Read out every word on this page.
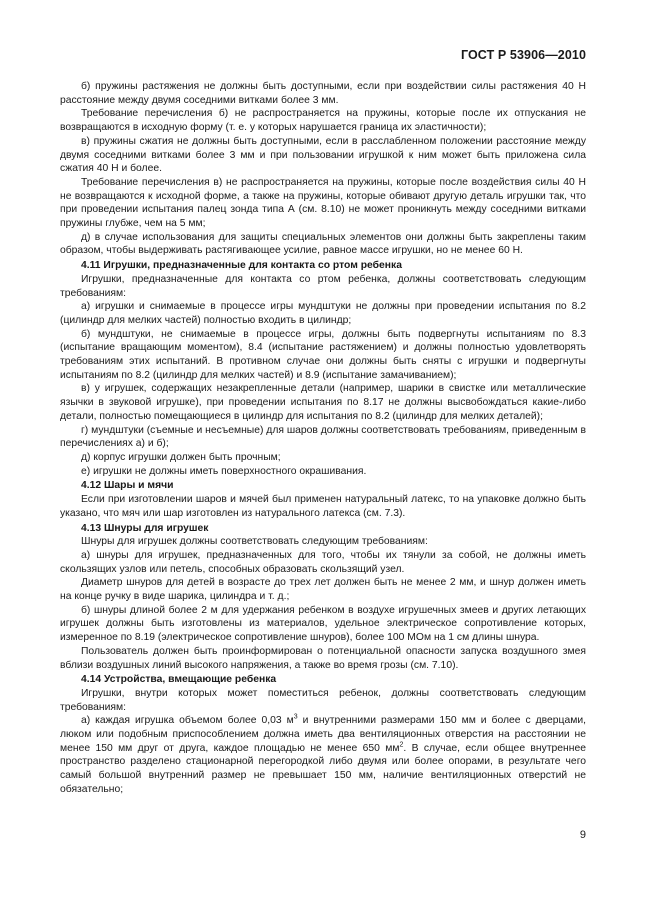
ГОСТ Р 53906—2010

б) пружины растяжения не должны быть доступными, если при воздействии силы растяжения 40 Н расстояние между двумя соседними витками более 3 мм.

Требование перечисления б) не распространяется на пружины, которые после их отпускания не возвращаются в исходную форму (т. е. у которых нарушается граница их эластичности);

в) пружины сжатия не должны быть доступными, если в расслабленном положении расстояние между двумя соседними витками более 3 мм и при пользовании игрушкой к ним может быть приложена сила сжатия 40 Н и более.

Требование перечисления в) не распространяется на пружины, которые после воздействия силы 40 Н не возвращаются к исходной форме, а также на пружины, которые обивают другую деталь игрушки так, что при проведении испытания палец зонда типа А (см. 8.10) не может проникнуть между соседними витками пружины глубже, чем на 5 мм;

д) в случае использования для защиты специальных элементов они должны быть закреплены таким образом, чтобы выдерживать растягивающее усилие, равное массе игрушки, но не менее 60 Н.

4.11 Игрушки, предназначенные для контакта со ртом ребенка

Игрушки, предназначенные для контакта со ртом ребенка, должны соответствовать следующим требованиям:

а) игрушки и снимаемые в процессе игры мундштуки не должны при проведении испытания по 8.2 (цилиндр для мелких частей) полностью входить в цилиндр;

б) мундштуки, не снимаемые в процессе игры, должны быть подвергнуты испытаниям по 8.3 (испытание вращающим моментом), 8.4 (испытание растяжением) и должны полностью удовлетворять требованиям этих испытаний. В противном случае они должны быть сняты с игрушки и подвергнуты испытаниям по 8.2 (цилиндр для мелких частей) и 8.9 (испытание замачиванием);

в) у игрушек, содержащих незакрепленные детали (например, шарики в свистке или металлические язычки в звуковой игрушке), при проведении испытания по 8.17 не должны высвобождаться какие-либо детали, полностью помещающиеся в цилиндр для испытания по 8.2 (цилиндр для мелких деталей);

г) мундштуки (съемные и несъемные) для шаров должны соответствовать требованиям, приведенным в перечислениях а) и б);

д) корпус игрушки должен быть прочным;

е) игрушки не должны иметь поверхностного окрашивания.

4.12 Шары и мячи

Если при изготовлении шаров и мячей был применен натуральный латекс, то на упаковке должно быть указано, что мяч или шар изготовлен из натурального латекса (см. 7.3).

4.13 Шнуры для игрушек

Шнуры для игрушек должны соответствовать следующим требованиям:

а) шнуры для игрушек, предназначенных для того, чтобы их тянули за собой, не должны иметь скользящих узлов или петель, способных образовать скользящий узел.

Диаметр шнуров для детей в возрасте до трех лет должен быть не менее 2 мм, и шнур должен иметь на конце ручку в виде шарика, цилиндра и т. д.;

б) шнуры длиной более 2 м для удержания ребенком в воздухе игрушечных змеев и других летающих игрушек должны быть изготовлены из материалов, удельное электрическое сопротивление которых, измеренное по 8.19 (электрическое сопротивление шнуров), более 100 МОм на 1 см длины шнура.

Пользователь должен быть проинформирован о потенциальной опасности запуска воздушного змея вблизи воздушных линий высокого напряжения, а также во время грозы (см. 7.10).

4.14 Устройства, вмещающие ребенка

Игрушки, внутри которых может поместиться ребенок, должны соответствовать следующим требованиям:

а) каждая игрушка объемом более 0,03 $м^3$ и внутренними размерами 150 мм и более с дверцами, люком или подобным приспособлением должна иметь два вентиляционных отверстия на расстоянии не менее 150 мм друг от друга, каждое площадью не менее 650 $мм^2$. В случае, если общее внутреннее пространство разделено стационарной перегородкой либо двумя или более опорами, в результате чего самый большой внутренний размер не превышает 150 мм, наличие вентиляционных отверстий не обязательно;

9
